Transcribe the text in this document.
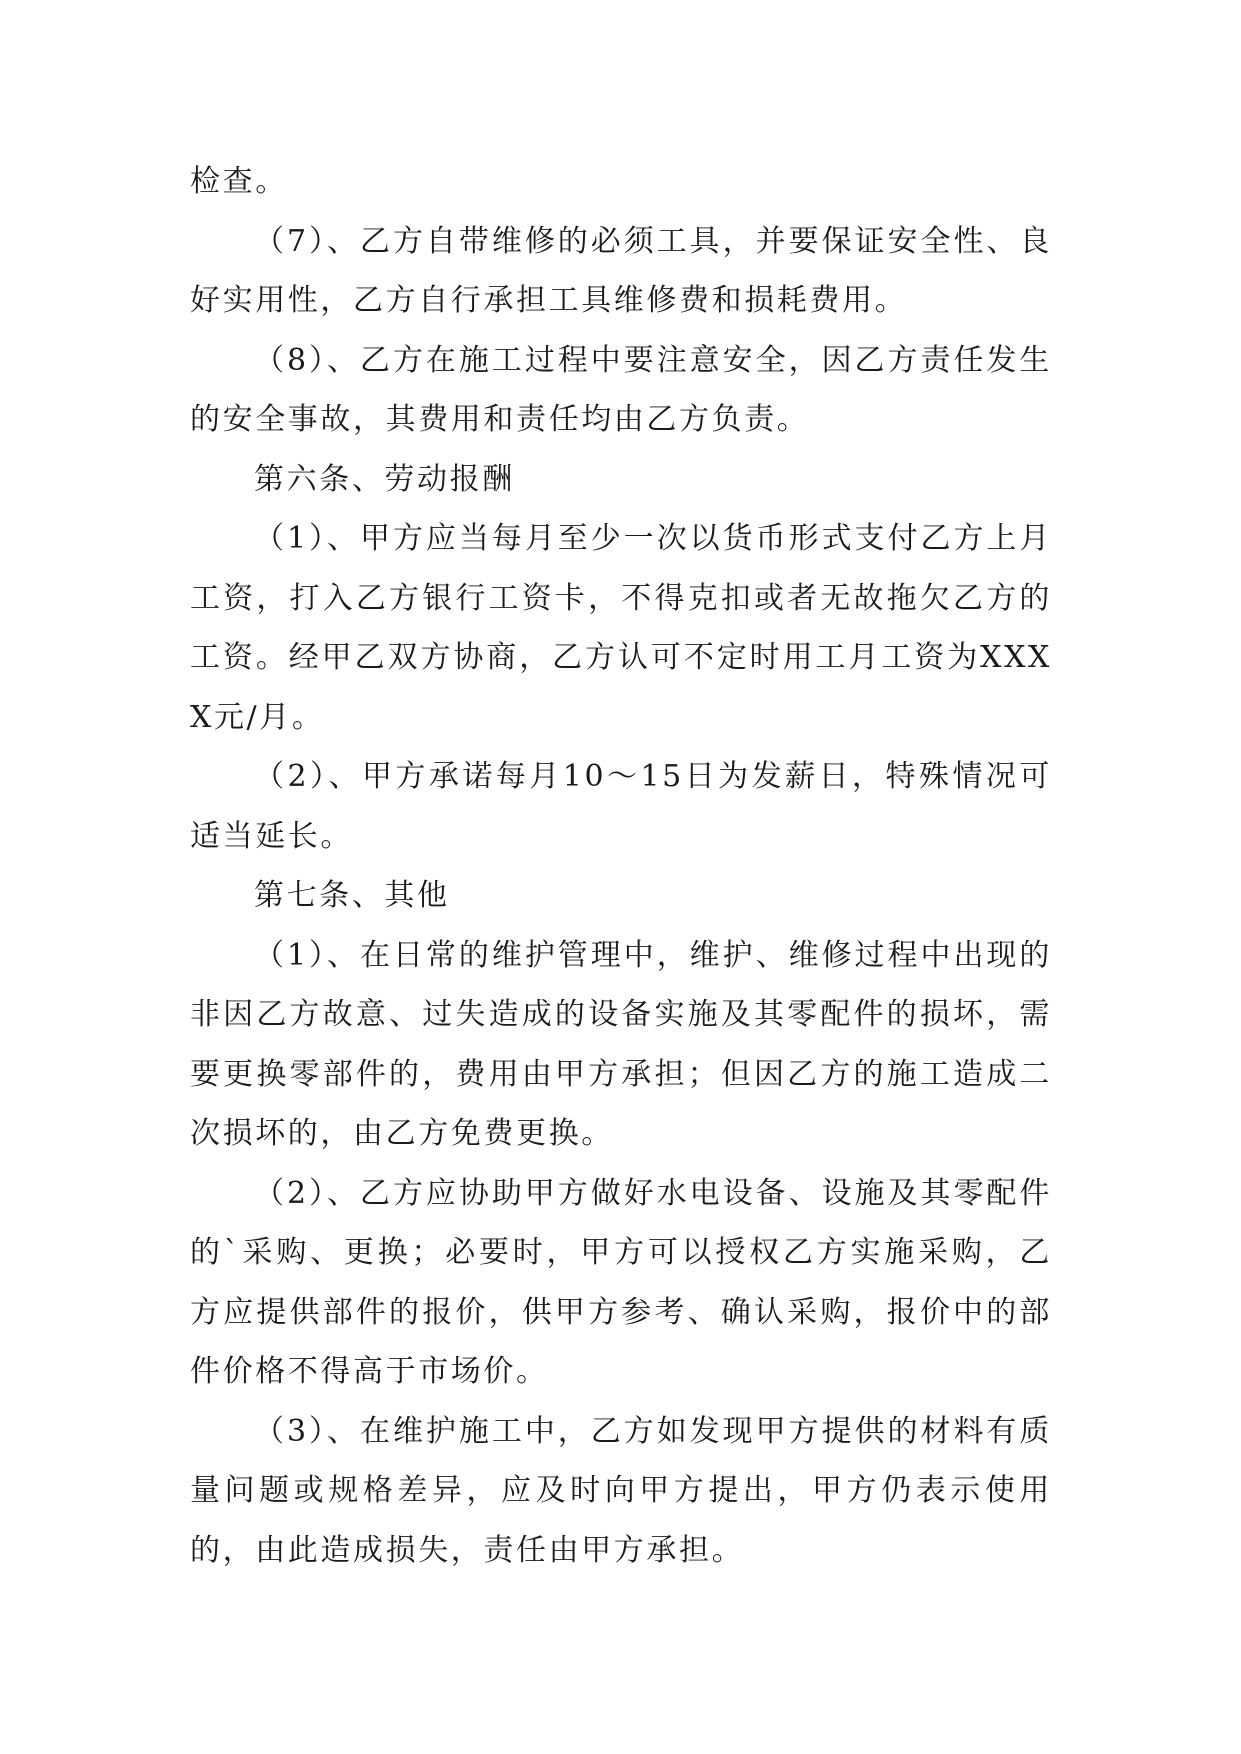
检查。

（7）、乙方自带维修的必须工具，并要保证安全性、良好实用性，乙方自行承担工具维修费和损耗费用。

（8）、乙方在施工过程中要注意安全，因乙方责任发生的安全事故，其费用和责任均由乙方负责。

第六条、劳动报酬

（1）、甲方应当每月至少一次以货币形式支付乙方上月工资，打入乙方银行工资卡，不得克扣或者无故拖欠乙方的工资。经甲乙双方协商，乙方认可不定时用工月工资为XXXX元/月。

（2）、甲方承诺每月10～15日为发薪日，特殊情况可适当延长。

第七条、其他

（1）、在日常的维护管理中，维护、维修过程中出现的非因乙方故意、过失造成的设备实施及其零配件的损坏，需要更换零部件的，费用由甲方承担；但因乙方的施工造成二次损坏的，由乙方免费更换。

（2）、乙方应协助甲方做好水电设备、设施及其零配件的`采购、更换；必要时，甲方可以授权乙方实施采购，乙方应提供部件的报价，供甲方参考、确认采购，报价中的部件价格不得高于市场价。

（3）、在维护施工中，乙方如发现甲方提供的材料有质量问题或规格差异，应及时向甲方提出，甲方仍表示使用的，由此造成损失，责任由甲方承担。
